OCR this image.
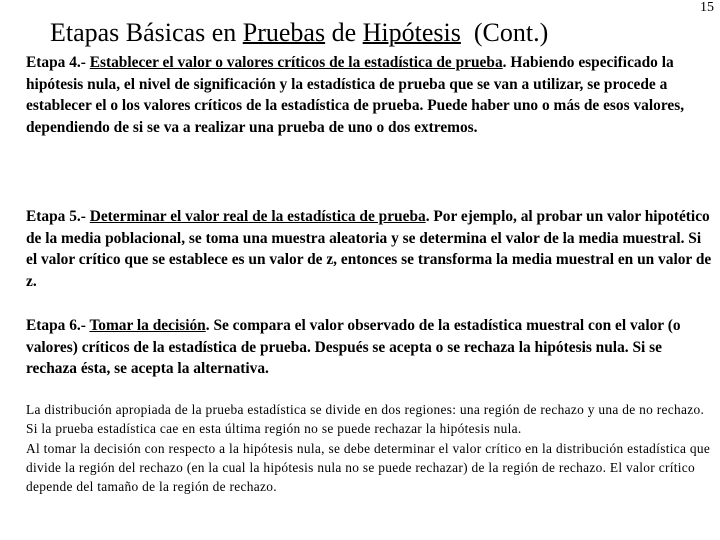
15
Etapas Básicas en Pruebas de Hipótesis  (Cont.)

Etapa 4.- Establecer el valor o valores críticos de la estadística de prueba. Habiendo especificado la hipótesis nula, el nivel de significación y la estadística de prueba que se van a utilizar, se procede a establecer el o los valores críticos de la estadística de prueba. Puede haber uno o más de esos valores, dependiendo de si se va a realizar una prueba de uno o dos extremos.

Etapa 5.- Determinar el valor real de la estadística de prueba. Por ejemplo, al probar un valor hipotético de la media poblacional, se toma una muestra aleatoria y se determina el valor de la media muestral. Si el valor crítico que se establece es un valor de z, entonces se transforma la media muestral en un valor de z.

Etapa 6.- Tomar la decisión. Se compara el valor observado de la estadística muestral con el valor (o valores) críticos de la estadística de prueba. Después se acepta o se rechaza la hipótesis nula. Si se rechaza ésta, se acepta la alternativa.

La distribución apropiada de la prueba estadística se divide en dos regiones: una región de rechazo y una de no rechazo. Si la prueba estadística cae en esta última región no se puede rechazar la hipótesis nula.

Al tomar la decisión con respecto a la hipótesis nula, se debe determinar el valor crítico en la distribución estadística que divide la región del rechazo (en la cual la hipótesis nula no se puede rechazar) de la región de rechazo. El valor crítico depende del tamaño de la región de rechazo.
